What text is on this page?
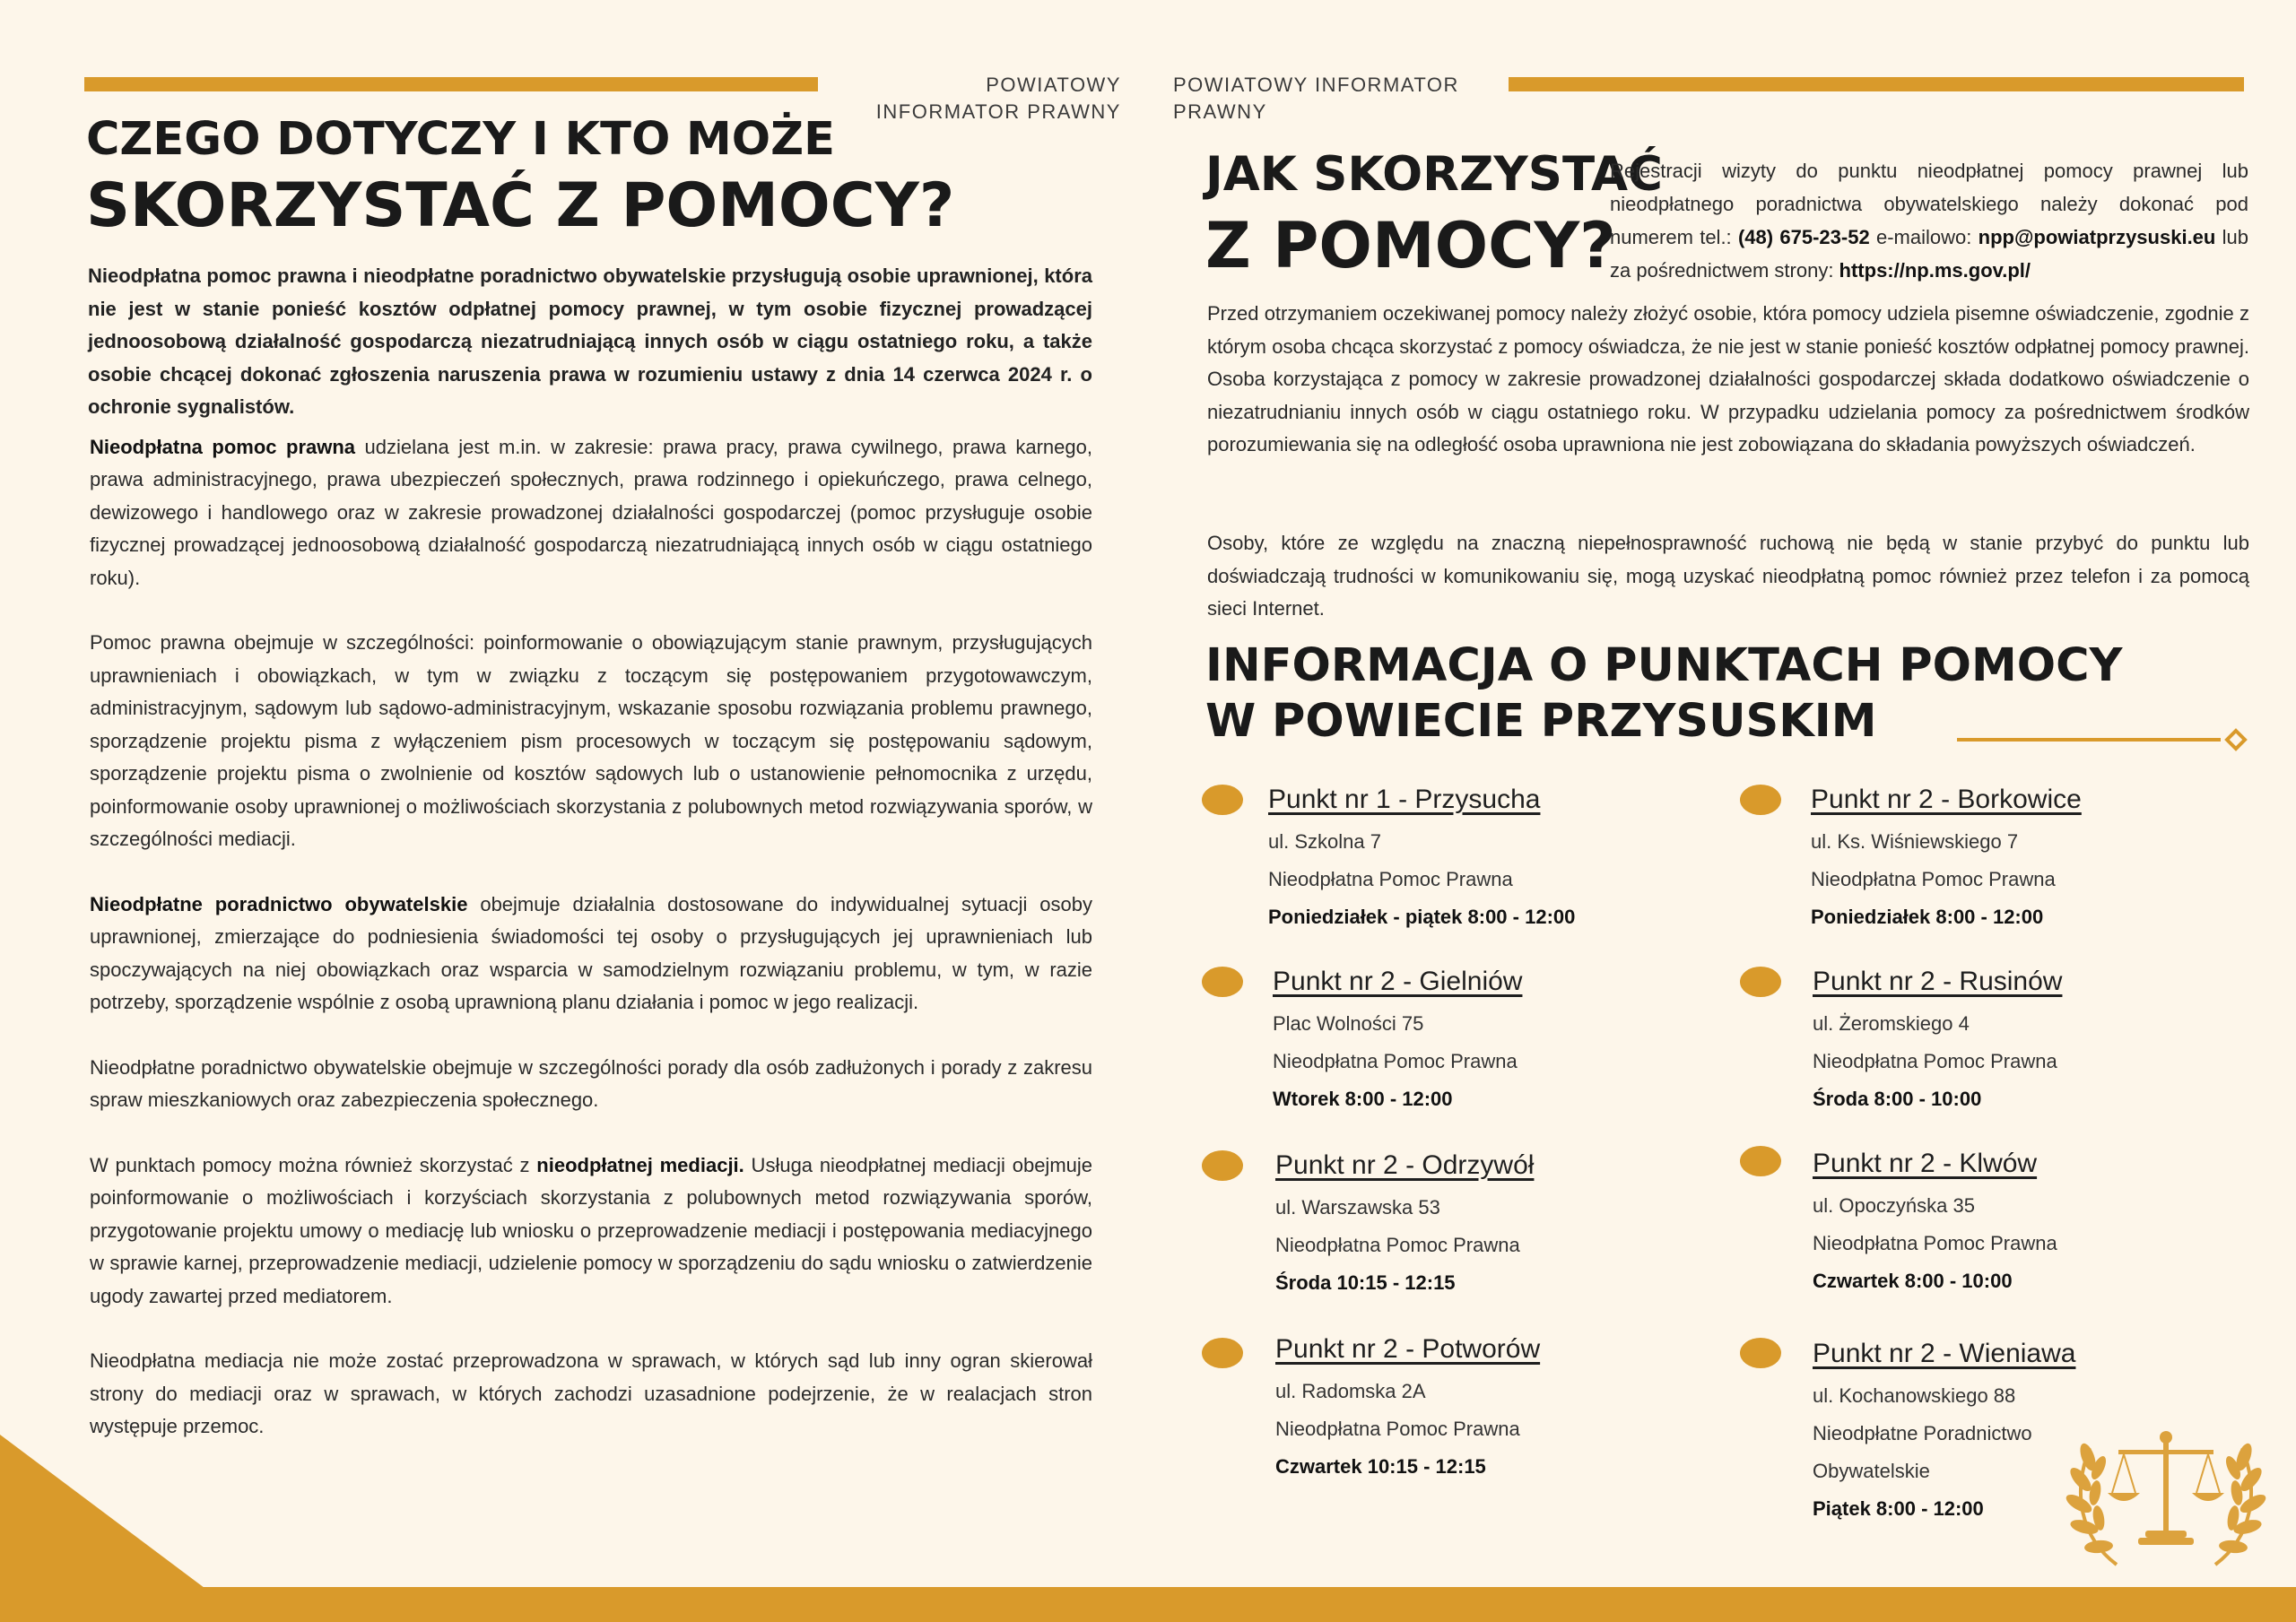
POWIATOWY INFORMATOR PRAWNY
CZEGO DOTYCZY I KTO MOŻE
SKORZYSTAĆ Z POMOCY?

Nieodpłatna pomoc prawna i nieodpłatne poradnictwo obywatelskie przysługują osobie uprawnionej, która nie jest w stanie ponieść kosztów odpłatnej pomocy prawnej, w tym osobie fizycznej prowadzącej jednoosobową działalność gospodarczą niezatrudniającą innych osób w ciągu ostatniego roku, a także osobie chcącej dokonać zgłoszenia naruszenia prawa w rozumieniu ustawy z dnia 14 czerwca 2024 r. o ochronie sygnalistów.

Nieodpłatna pomoc prawna udzielana jest m.in. w zakresie: prawa pracy, prawa cywilnego, prawa karnego, prawa administracyjnego, prawa ubezpieczeń społecznych, prawa rodzinnego i opiekuńczego, prawa celnego, dewizowego i handlowego oraz w zakresie prowadzonej działalności gospodarczej (pomoc przysługuje osobie fizycznej prowadzącej jednoosobową działalność gospodarczą niezatrudniającą innych osób w ciągu ostatniego roku).

Pomoc prawna obejmuje w szczególności: poinformowanie o obowiązującym stanie prawnym, przysługujących uprawnieniach i obowiązkach, w tym w związku z toczącym się postępowaniem przygotowawczym, administracyjnym, sądowym lub sądowo-administracyjnym, wskazanie sposobu rozwiązania problemu prawnego, sporządzenie projektu pisma z wyłączeniem pism procesowych w toczącym się postępowaniu sądowym, sporządzenie projektu pisma o zwolnienie od kosztów sądowych lub o ustanowienie pełnomocnika z urzędu, poinformowanie osoby uprawnionej o możliwościach skorzystania z polubownych metod rozwiązywania sporów, w szczególności mediacji.

Nieodpłatne poradnictwo obywatelskie obejmuje działalnia dostosowane do indywidualnej sytuacji osoby uprawnionej, zmierzające do podniesienia świadomości tej osoby o przysługujących jej uprawnieniach lub spoczywających na niej obowiązkach oraz wsparcia w samodzielnym rozwiązaniu problemu, w tym, w razie potrzeby, sporządzenie wspólnie z osobą uprawnioną planu działania i pomoc w jego realizacji.

Nieodpłatne poradnictwo obywatelskie obejmuje w szczególności porady dla osób zadłużonych i porady z zakresu spraw mieszkaniowych oraz zabezpieczenia społecznego.

W punktach pomocy można również skorzystać z nieodpłatnej mediacji. Usługa nieodpłatnej mediacji obejmuje poinformowanie o możliwościach i korzyściach skorzystania z polubownych metod rozwiązywania sporów, przygotowanie projektu umowy o mediację lub wniosku o przeprowadzenie mediacji i postępowania mediacyjnego w sprawie karnej, przeprowadzenie mediacji, udzielenie pomocy w sporządzeniu do sądu wniosku o zatwierdzenie ugody zawartej przed mediatorem.

Nieodpłatna mediacja nie może zostać przeprowadzona w sprawach, w których sąd lub inny ogran skierował strony do mediacji oraz w sprawach, w których zachodzi uzasadnione podejrzenie, że w realacjach stron występuje przemoc.

POWIATOWY INFORMATOR PRAWNY
JAK SKORZYSTAĆ
Z POMOCY?

Rejestracji wizyty do punktu nieodpłatnej pomocy prawnej lub nieodpłatnego poradnictwa obywatelskiego należy dokonać pod numerem tel.: (48) 675-23-52 e-mailowo: npp@powiatprzysuski.eu lub za pośrednictwem strony: https://np.ms.gov.pl/

Przed otrzymaniem oczekiwanej pomocy należy złożyć osobie, która pomocy udziela pisemne oświadczenie, zgodnie z którym osoba chcąca skorzystać z pomocy oświadcza, że nie jest w stanie ponieść kosztów odpłatnej pomocy prawnej. Osoba korzystająca z pomocy w zakresie prowadzonej działalności gospodarczej składa dodatkowo oświadczenie o niezatrudnianiu innych osób w ciągu ostatniego roku. W przypadku udzielania pomocy za pośrednictwem środków porozumiewania się na odległość osoba uprawniona nie jest zobowiązana do składania powyższych oświadczeń.

Osoby, które ze względu na znaczną niepełnosprawność ruchową nie będą w stanie przybyć do punktu lub doświadczają trudności w komunikowaniu się, mogą uzyskać nieodpłatną pomoc również przez telefon i za pomocą sieci Internet.

INFORMACJA O PUNKTACH POMOCY
W POWIECIE PRZYSUSKIM
Punkt nr 1 - Przysucha
ul. Szkolna 7
Nieodpłatna Pomoc Prawna
Poniedziałek - piątek 8:00 - 12:00
Punkt nr 2 - Gielniów
Plac Wolności 75
Nieodpłatna Pomoc Prawna
Wtorek 8:00 - 12:00
Punkt nr 2 - Odrzywół
ul. Warszawska 53
Nieodpłatna Pomoc Prawna
Środa 10:15 - 12:15
Punkt nr 2 - Potworów
ul. Radomska 2A
Nieodpłatna Pomoc Prawna
Czwartek 10:15 - 12:15
Punkt nr 2 - Borkowice
ul. Ks. Wiśniewskiego 7
Nieodpłatna Pomoc Prawna
Poniedziałek 8:00 - 12:00
Punkt nr 2 - Rusinów
ul. Żeromskiego 4
Nieodpłatna Pomoc Prawna
Środa 8:00 - 10:00
Punkt nr 2 - Klwów
ul. Opoczyńska 35
Nieodpłatna Pomoc Prawna
Czwartek 8:00 - 10:00
Punkt nr 2 - Wieniawa
ul. Kochanowskiego 88
Nieodpłatne Poradnictwo
Obywatelskie
Piątek 8:00 - 12:00
